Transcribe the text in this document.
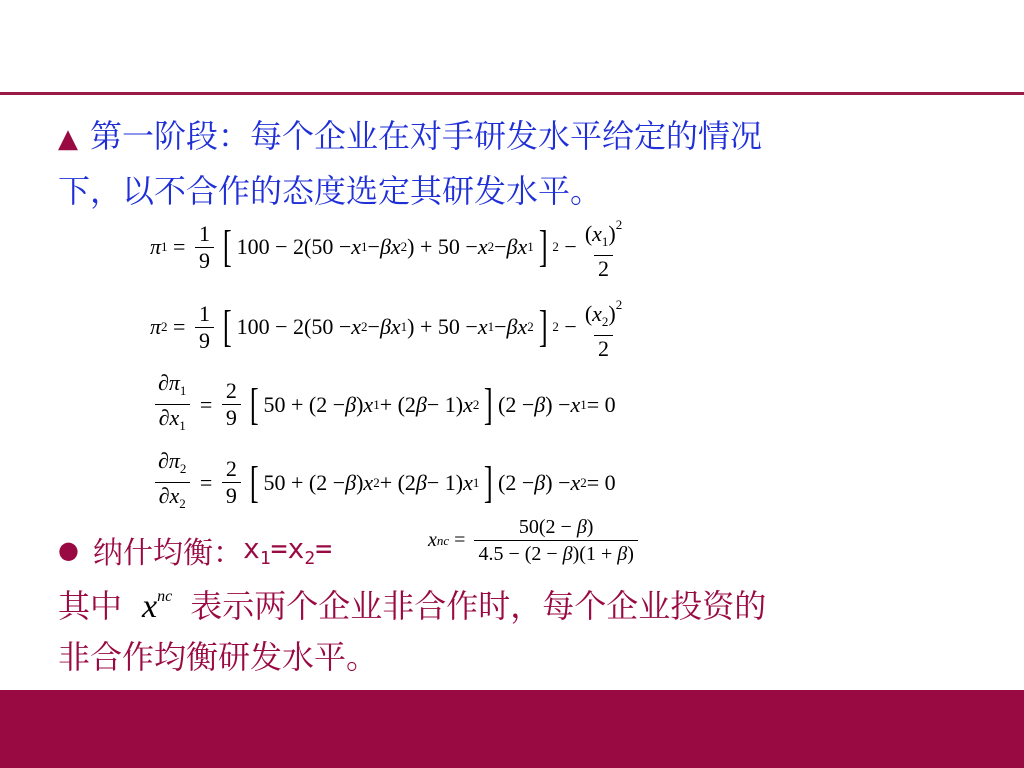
▲ 第一阶段：每个企业在对手研发水平给定的情况
下，以不合作的态度选定其研发水平。
π $1 = \frac{1}{9}$ [ 100 − 2(50 − x 1 − βx 2 ) + 50 − x 2 − βx 1 ] $2 - \frac{(x_1)^2}{2}$
π $2 = \frac{1}{9}$ [ 100 − 2(50 − x 2 − βx 1 ) + 50 − x 1 − βx 2 ] $2 - \frac{(x_2)^2}{2}$
$\frac{\partial\pi_1}{\partial x_1} = \frac{2}{9}$ [ 50 + (2 − β ) x 1 + (2 β − 1) x 2 ] (2 − β ) − x 1 = 0
$\frac{\partial\pi_2}{\partial x_2} = \frac{2}{9}$ [ 50 + (2 − β ) x 2 + (2 β − 1) x 1 ] (2 − β ) − x 2 = 0
● 纳什均衡： $x_1=x_2=$	x nc = $\frac{50(2 - \beta)}{4.5 - (2 - \beta)(1 + \beta)}$
其中 $x^{nc}$ 表示两个企业非合作时，每个企业投资的
非合作均衡研发水平。
